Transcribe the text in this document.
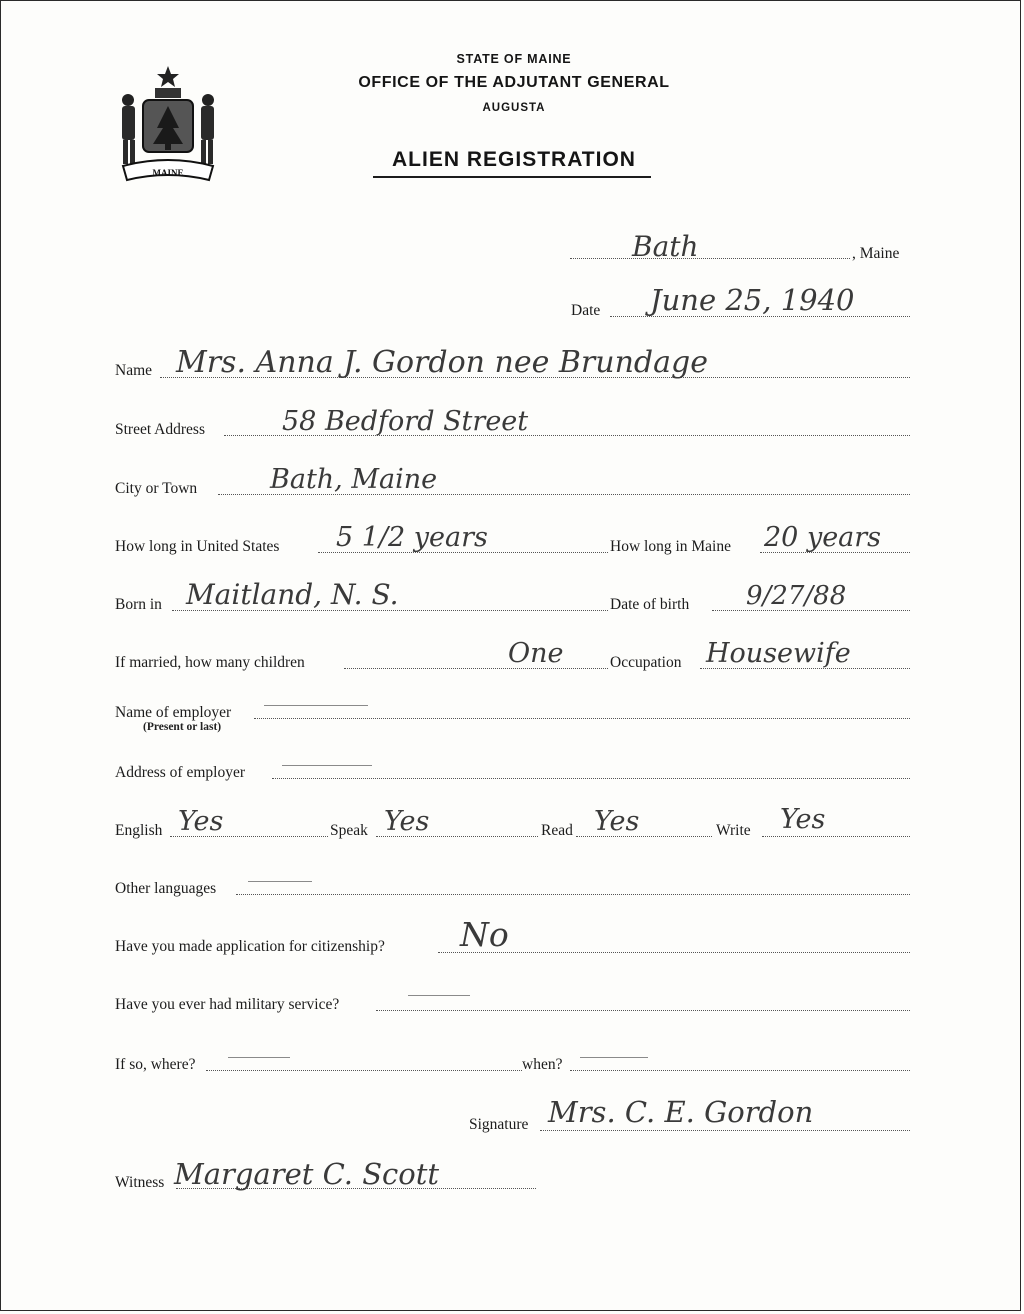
MAINE
STATE OF MAINE
OFFICE OF THE ADJUTANT GENERAL
AUGUSTA
ALIEN REGISTRATION
Bath	, Maine
Date June 25, 1940
Name Mrs. Anna J. Gordon nee Brundage
Street Address	58 Bedford Street
City or Town	Bath, Maine
How long in United States 5 1/2 years	How long in Maine 20 years
Born in Maitland, N. S.	Date of birth 9/27/88
If married, how many children	One	Occupation Housewife
Name of employer
(Present or last)
Address of employer
English Yes	Speak Yes	Read Yes	Write Yes
Other languages
Have you made application for citizenship? No
Have you ever had military service?
If so, where?	when?
Signature Mrs. C. E. Gordon
Witness Margaret C. Scott
